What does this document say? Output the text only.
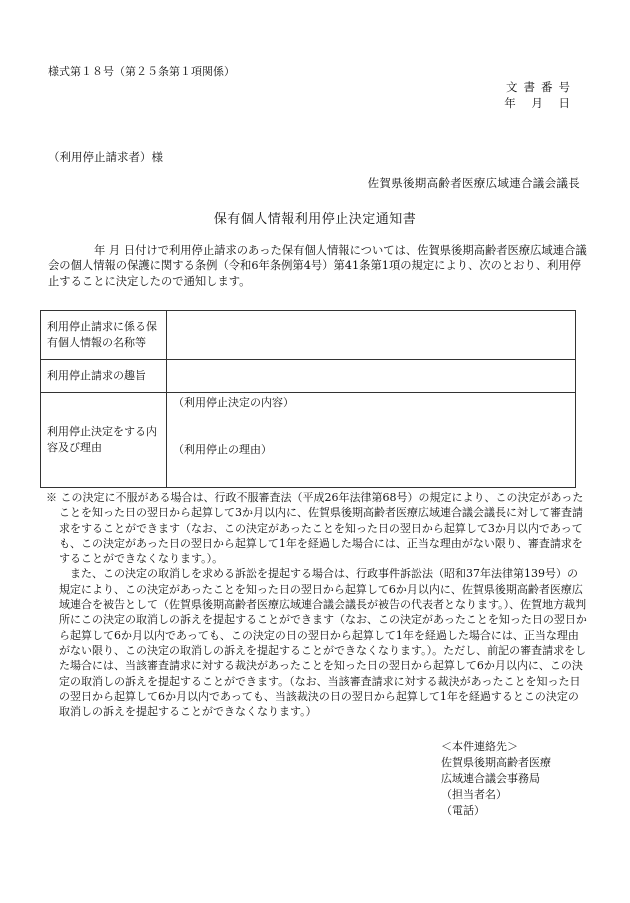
様式第１８号（第２５条第１項関係）
文書番号
年 月 日
（利用停止請求者）様
佐賀県後期高齢者医療広域連合議会議長
保有個人情報利用停止決定通知書
年 月 日付けで利用停止請求のあった保有個人情報については、佐賀県後期高齢者医療広域連合議会の個人情報の保護に関する条例（令和6年条例第4号）第41条第1項の規定により、次のとおり、利用停止することに決定したので通知します。
利用停止請求に係る保有個人情報の名称等	
利用停止請求の趣旨	
利用停止決定をする内容及び理由	（利用停止決定の内容）
（利用停止の理由）

※ この決定に不服がある場合は、行政不服審査法（平成26年法律第68号）の規定により、この決定があったことを知った日の翌日から起算して3か月以内に、佐賀県後期高齢者医療広域連合議会議長に対して審査請求をすることができます（なお、この決定があったことを知った日の翌日から起算して3か月以内であっても、この決定があった日の翌日から起算して1年を経過した場合には、正当な理由がない限り、審査請求をすることができなくなります。）。

また、この決定の取消しを求める訴訟を提起する場合は、行政事件訴訟法（昭和37年法律第139号）の規定により、この決定があったことを知った日の翌日から起算して6か月以内に、佐賀県後期高齢者医療広域連合を被告として（佐賀県後期高齢者医療広域連合議会議長が被告の代表者となります。）、佐賀地方裁判所にこの決定の取消しの訴えを提起することができます（なお、この決定があったことを知った日の翌日から起算して6か月以内であっても、この決定の日の翌日から起算して1年を経過した場合には、正当な理由がない限り、この決定の取消しの訴えを提起することができなくなります。）。ただし、前記の審査請求をした場合には、当該審査請求に対する裁決があったことを知った日の翌日から起算して6か月以内に、この決定の取消しの訴えを提起することができます。（なお、当該審査請求に対する裁決があったことを知った日の翌日から起算して6か月以内であっても、当該裁決の日の翌日から起算して1年を経過するとこの決定の取消しの訴えを提起することができなくなります。）

＜本件連絡先＞
佐賀県後期高齢者医療
広域連合議会事務局
（担当者名）
（電話）
